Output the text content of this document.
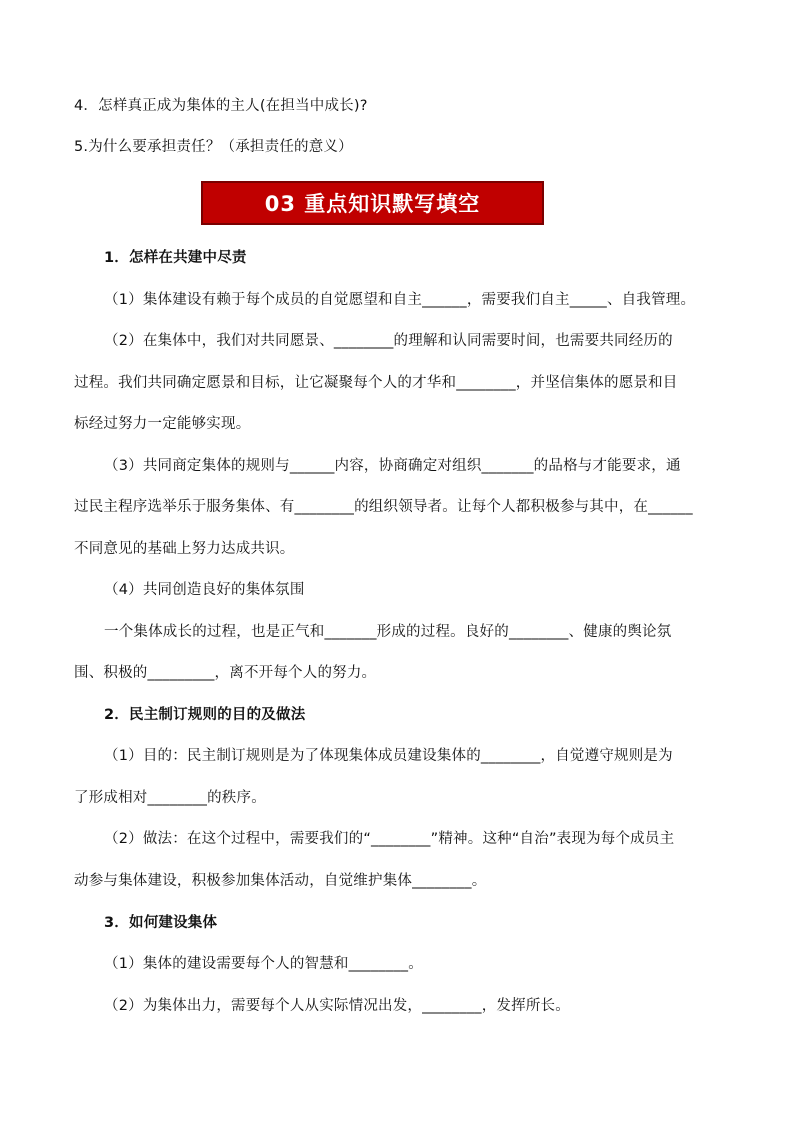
4．怎样真正成为集体的主人(在担当中成长)?
5.为什么要承担责任？（承担责任的意义）
03 重点知识默写填空
1．怎样在共建中尽责
（1）集体建设有赖于每个成员的自觉愿望和自主______，需要我们自主_____、自我管理。
（2）在集体中，我们对共同愿景、________的理解和认同需要时间，也需要共同经历的
过程。我们共同确定愿景和目标，让它凝聚每个人的才华和________，并坚信集体的愿景和目
标经过努力一定能够实现。
（3）共同商定集体的规则与______内容，协商确定对组织_______的品格与才能要求，通
过民主程序选举乐于服务集体、有________的组织领导者。让每个人都积极参与其中，在______
不同意见的基础上努力达成共识。
（4）共同创造良好的集体氛围
一个集体成长的过程，也是正气和_______形成的过程。良好的________、健康的舆论氛
围、积极的_________，离不开每个人的努力。
2．民主制订规则的目的及做法
（1）目的：民主制订规则是为了体现集体成员建设集体的________，自觉遵守规则是为
了形成相对________的秩序。
（2）做法：在这个过程中，需要我们的“________”精神。这种“自治”表现为每个成员主
动参与集体建设，积极参加集体活动，自觉维护集体________。
3．如何建设集体
（1）集体的建设需要每个人的智慧和________。
（2）为集体出力，需要每个人从实际情况出发，________，发挥所长。
